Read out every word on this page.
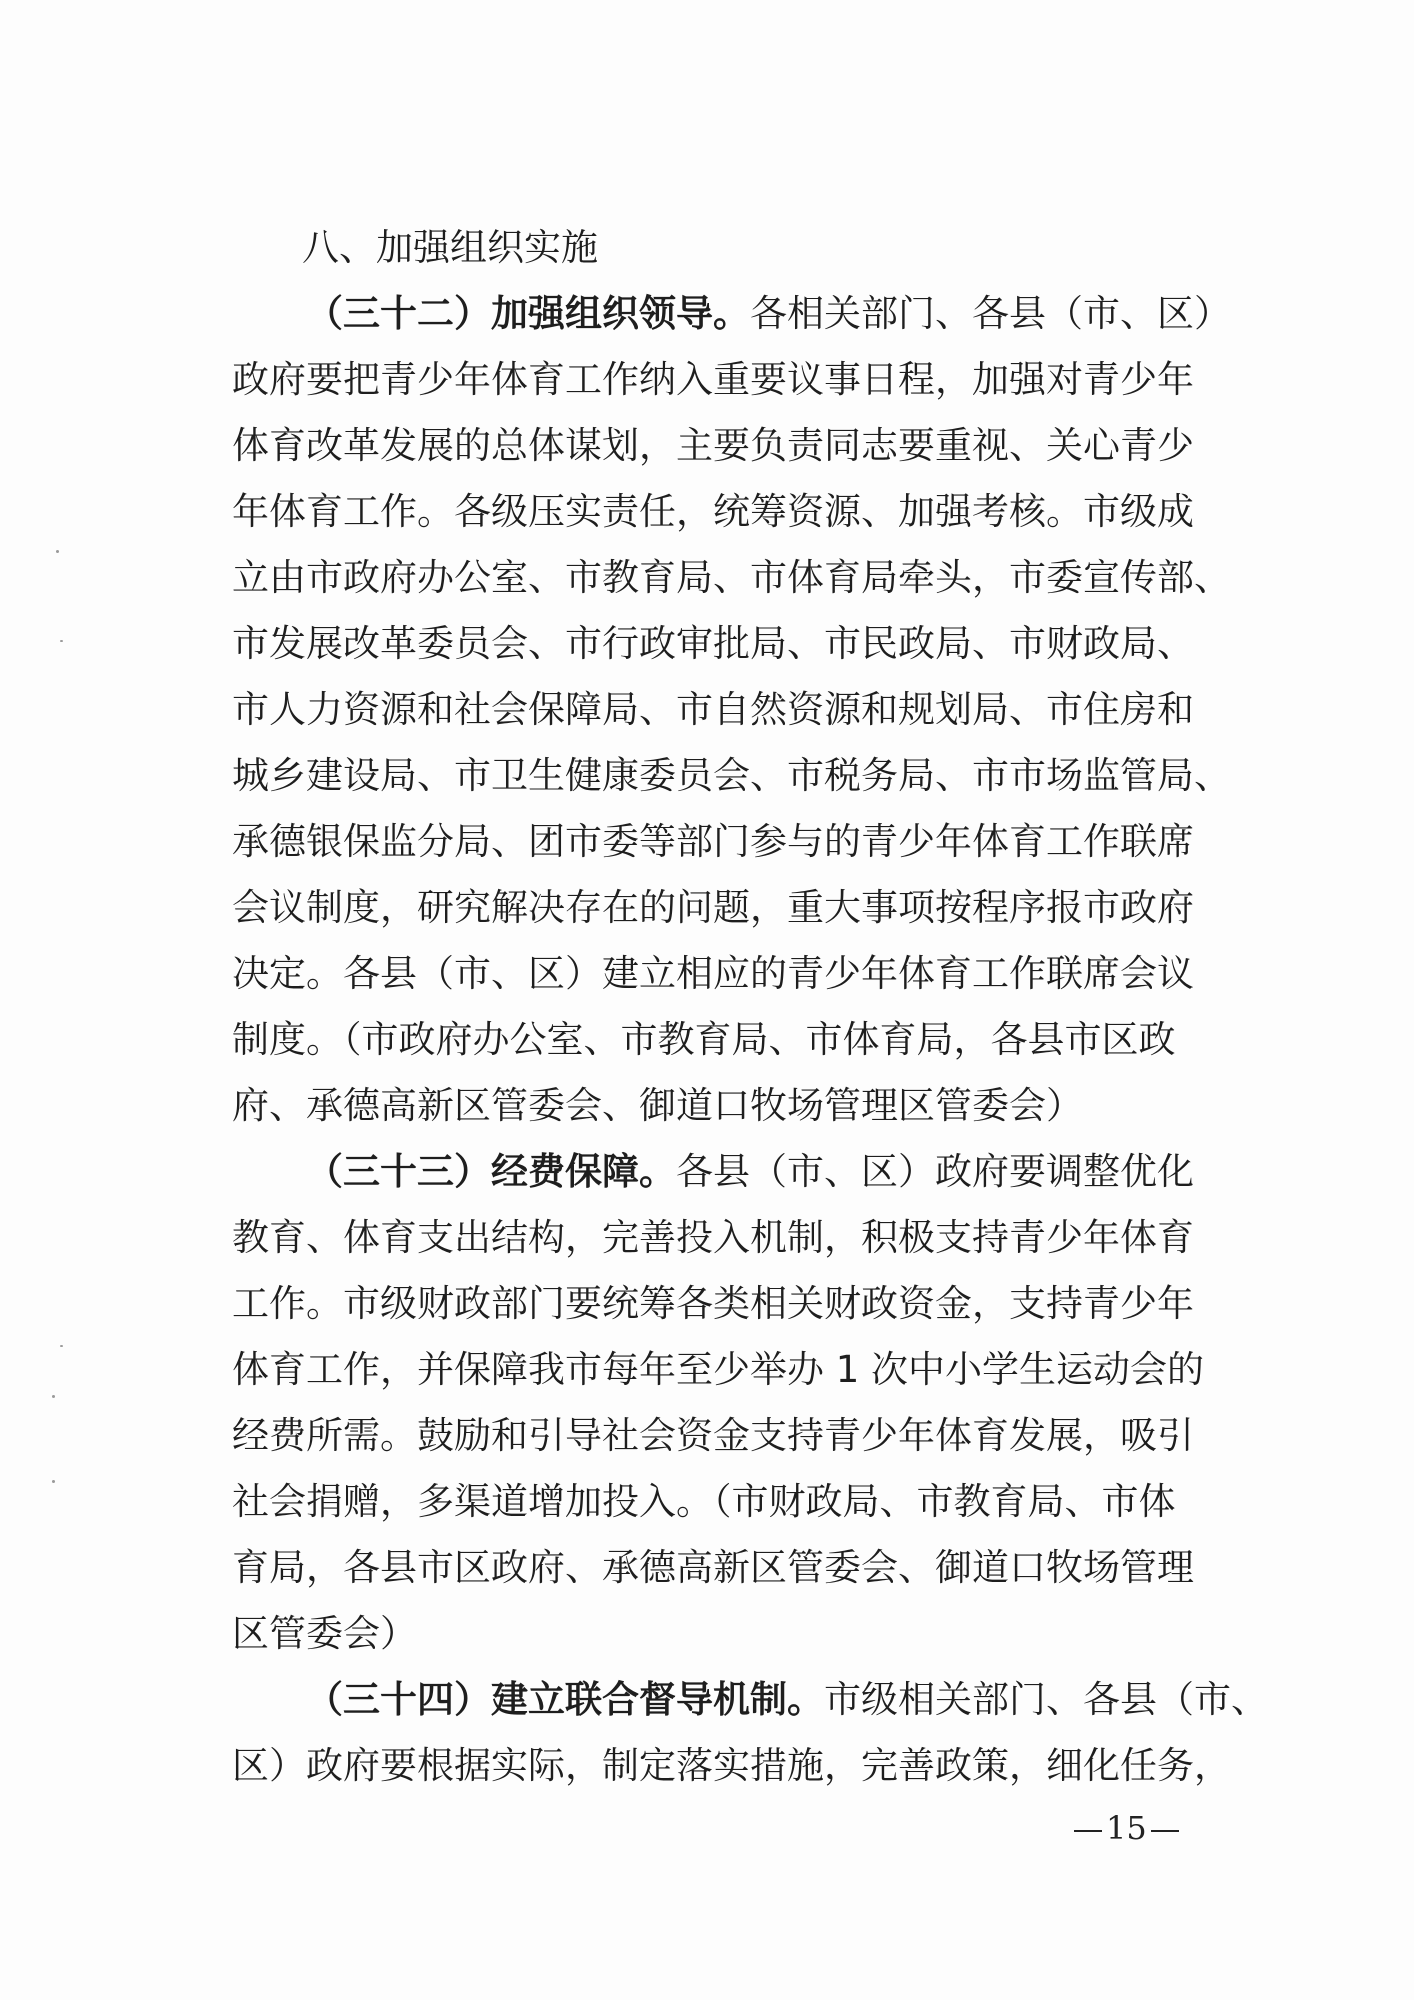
八、加强组织实施
（三十二）加强组织领导。各相关部门、各县（市、区）
政府要把青少年体育工作纳入重要议事日程，加强对青少年
体育改革发展的总体谋划，主要负责同志要重视、关心青少
年体育工作。各级压实责任，统筹资源、加强考核。市级成
立由市政府办公室、市教育局、市体育局牵头，市委宣传部、
市发展改革委员会、市行政审批局、市民政局、市财政局、
市人力资源和社会保障局、市自然资源和规划局、市住房和
城乡建设局、市卫生健康委员会、市税务局、市市场监管局、
承德银保监分局、团市委等部门参与的青少年体育工作联席
会议制度，研究解决存在的问题，重大事项按程序报市政府
决定。各县（市、区）建立相应的青少年体育工作联席会议
制度。（市政府办公室、市教育局、市体育局，各县市区政
府、承德高新区管委会、御道口牧场管理区管委会）
（三十三）经费保障。各县（市、区）政府要调整优化
教育、体育支出结构，完善投入机制，积极支持青少年体育
工作。市级财政部门要统筹各类相关财政资金，支持青少年
体育工作，并保障我市每年至少举办 1 次中小学生运动会的
经费所需。鼓励和引导社会资金支持青少年体育发展，吸引
社会捐赠，多渠道增加投入。（市财政局、市教育局、市体
育局，各县市区政府、承德高新区管委会、御道口牧场管理
区管委会）
（三十四）建立联合督导机制。市级相关部门、各县（市、
区）政府要根据实际，制定落实措施，完善政策，细化任务，
15
